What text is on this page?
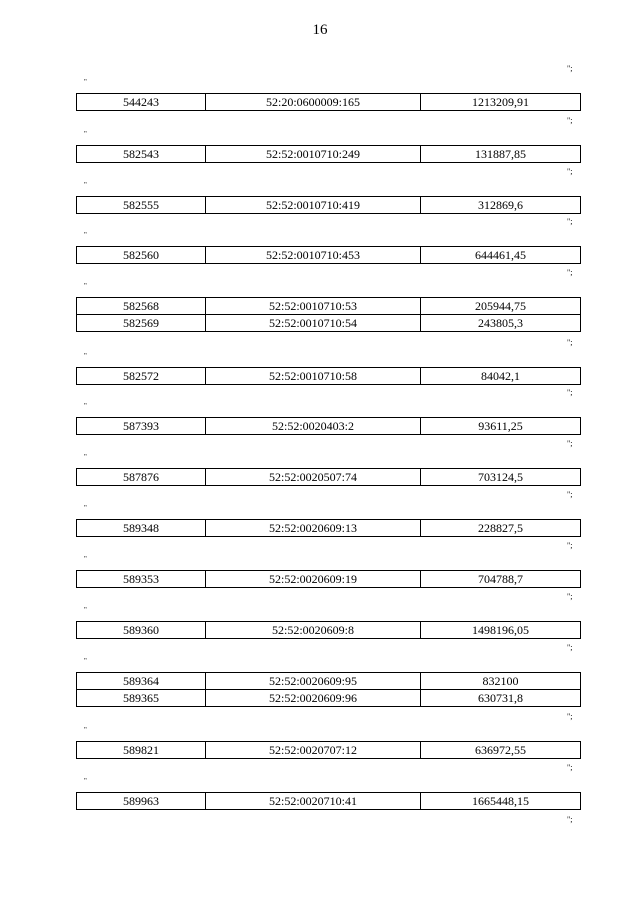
16
";
"
544243	52:20:0600009:165	1213209,91
";
"
582543	52:52:0010710:249	131887,85
";
"
582555	52:52:0010710:419	312869,6
";
"
582560	52:52:0010710:453	644461,45
";
"
582568	52:52:0010710:53	205944,75
582569	52:52:0010710:54	243805,3
";
"
582572	52:52:0010710:58	84042,1
";
"
587393	52:52:0020403:2	93611,25
";
"
587876	52:52:0020507:74	703124,5
";
"
589348	52:52:0020609:13	228827,5
";
"
589353	52:52:0020609:19	704788,7
";
"
589360	52:52:0020609:8	1498196,05
";
"
589364	52:52:0020609:95	832100
589365	52:52:0020609:96	630731,8
";
"
589821	52:52:0020707:12	636972,55
";
"
589963	52:52:0020710:41	1665448,15
";
